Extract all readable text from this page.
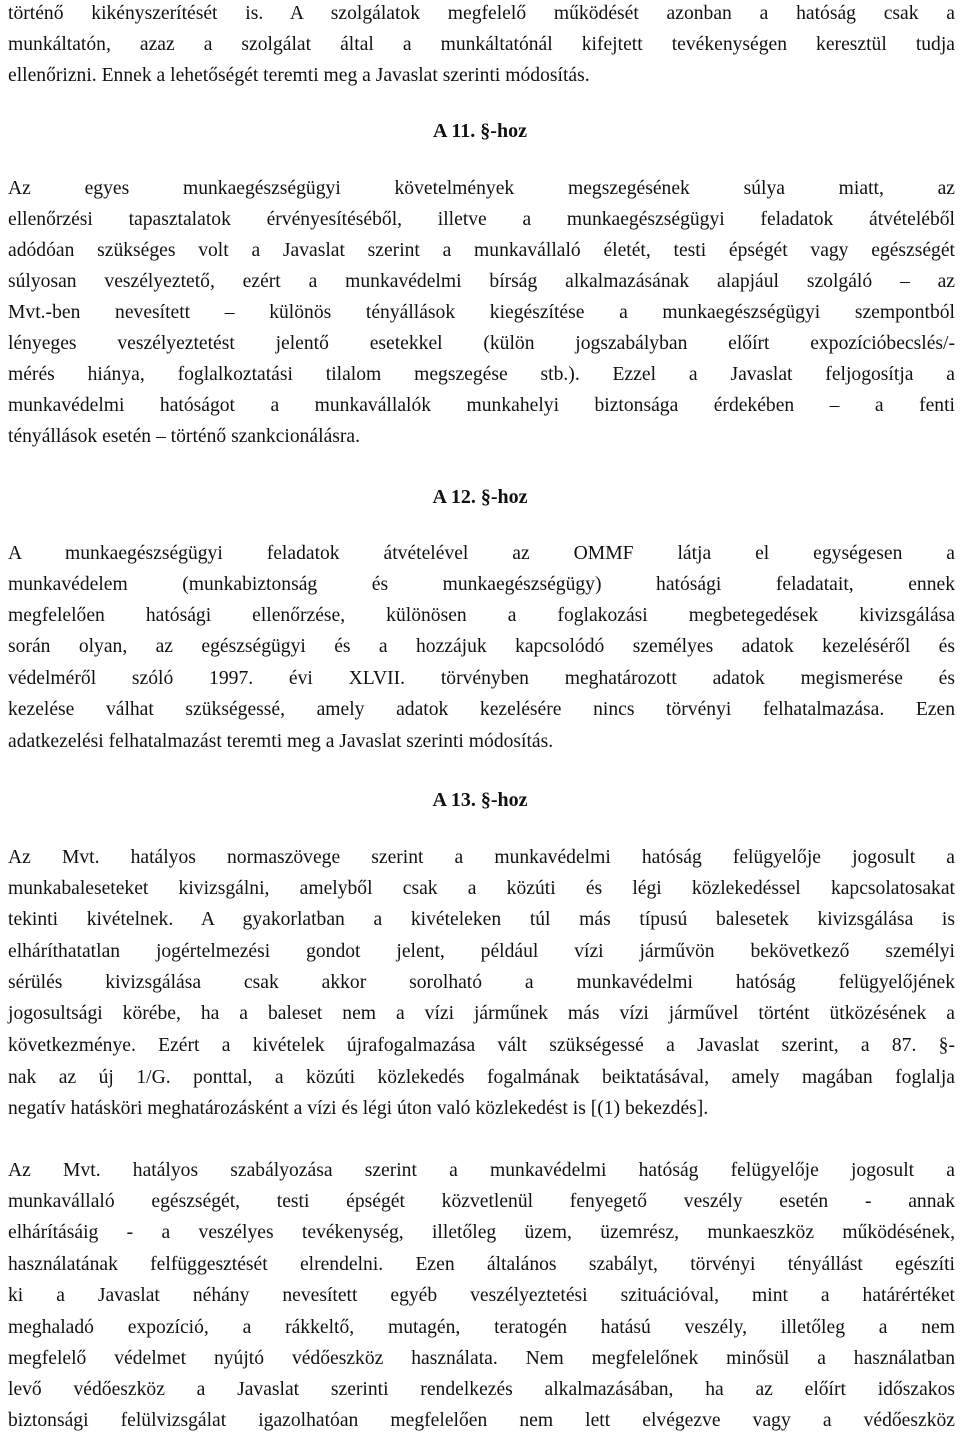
történő kikényszerítését is. A szolgálatok megfelelő működését azonban a hatóság csak a
munkáltatón, azaz a szolgálat által a munkáltatónál kifejtett tevékenységen keresztül tudja
ellenőrizni. Ennek a lehetőségét teremti meg a Javaslat szerinti módosítás.
A 11. §-hoz
Az egyes munkaegészségügyi követelmények megszegésének súlya miatt, az
ellenőrzési tapasztalatok érvényesítéséből, illetve a munkaegészségügyi feladatok átvételéből
adódóan szükséges volt a Javaslat szerint a munkavállaló életét, testi épségét vagy egészségét
súlyosan veszélyeztető, ezért a munkavédelmi bírság alkalmazásának alapjául szolgáló – az
Mvt.-ben nevesített – különös tényállások kiegészítése a munkaegészségügyi szempontból
lényeges veszélyeztetést jelentő esetekkel (külön jogszabályban előírt expozícióbecslés/-
mérés hiánya, foglalkoztatási tilalom megszegése stb.). Ezzel a Javaslat feljogosítja a
munkavédelmi hatóságot a munkavállalók munkahelyi biztonsága érdekében – a fenti
tényállások esetén – történő szankcionálásra.
A 12. §-hoz
A munkaegészségügyi feladatok átvételével az OMMF látja el egységesen a
munkavédelem (munkabiztonság és munkaegészségügy) hatósági feladatait, ennek
megfelelően hatósági ellenőrzése, különösen a foglakozási megbetegedések kivizsgálása
során olyan, az egészségügyi és a hozzájuk kapcsolódó személyes adatok kezeléséről és
védelméről szóló 1997. évi XLVII. törvényben meghatározott adatok megismerése és
kezelése válhat szükségessé, amely adatok kezelésére nincs törvényi felhatalmazása. Ezen
adatkezelési felhatalmazást teremti meg a Javaslat szerinti módosítás.
A 13. §-hoz
Az Mvt. hatályos normaszövege szerint a munkavédelmi hatóság felügyelője jogosult a
munkabaleseteket kivizsgálni, amelyből csak a közúti és légi közlekedéssel kapcsolatosakat
tekinti kivételnek. A gyakorlatban a kivételeken túl más típusú balesetek kivizsgálása is
elháríthatatlan jogértelmezési gondot jelent, például vízi járművön bekövetkező személyi
sérülés kivizsgálása csak akkor sorolható a munkavédelmi hatóság felügyelőjének
jogosultsági körébe, ha a baleset nem a vízi járműnek más vízi járművel történt ütközésének a
következménye. Ezért a kivételek újrafogalmazása vált szükségessé a Javaslat szerint, a 87. §-
nak az új 1/G. ponttal, a közúti közlekedés fogalmának beiktatásával, amely magában foglalja
negatív hatásköri meghatározásként a vízi és légi úton való közlekedést is [(1) bekezdés].
Az Mvt. hatályos szabályozása szerint a munkavédelmi hatóság felügyelője jogosult a
munkavállaló egészségét, testi épségét közvetlenül fenyegető veszély esetén - annak
elhárításáig - a veszélyes tevékenység, illetőleg üzem, üzemrész, munkaeszköz működésének,
használatának felfüggesztését elrendelni. Ezen általános szabályt, törvényi tényállást egészíti
ki a Javaslat néhány nevesített egyéb veszélyeztetési szituációval, mint a határértéket
meghaladó expozíció, a rákkeltő, mutagén, teratogén hatású veszély, illetőleg a nem
megfelelő védelmet nyújtó védőeszköz használata. Nem megfelelőnek minősül a használatban
levő védőeszköz a Javaslat szerinti rendelkezés alkalmazásában, ha az előírt időszakos
biztonsági felülvizsgálat igazolhatóan megfelelően nem lett elvégezve vagy a védőeszköz
